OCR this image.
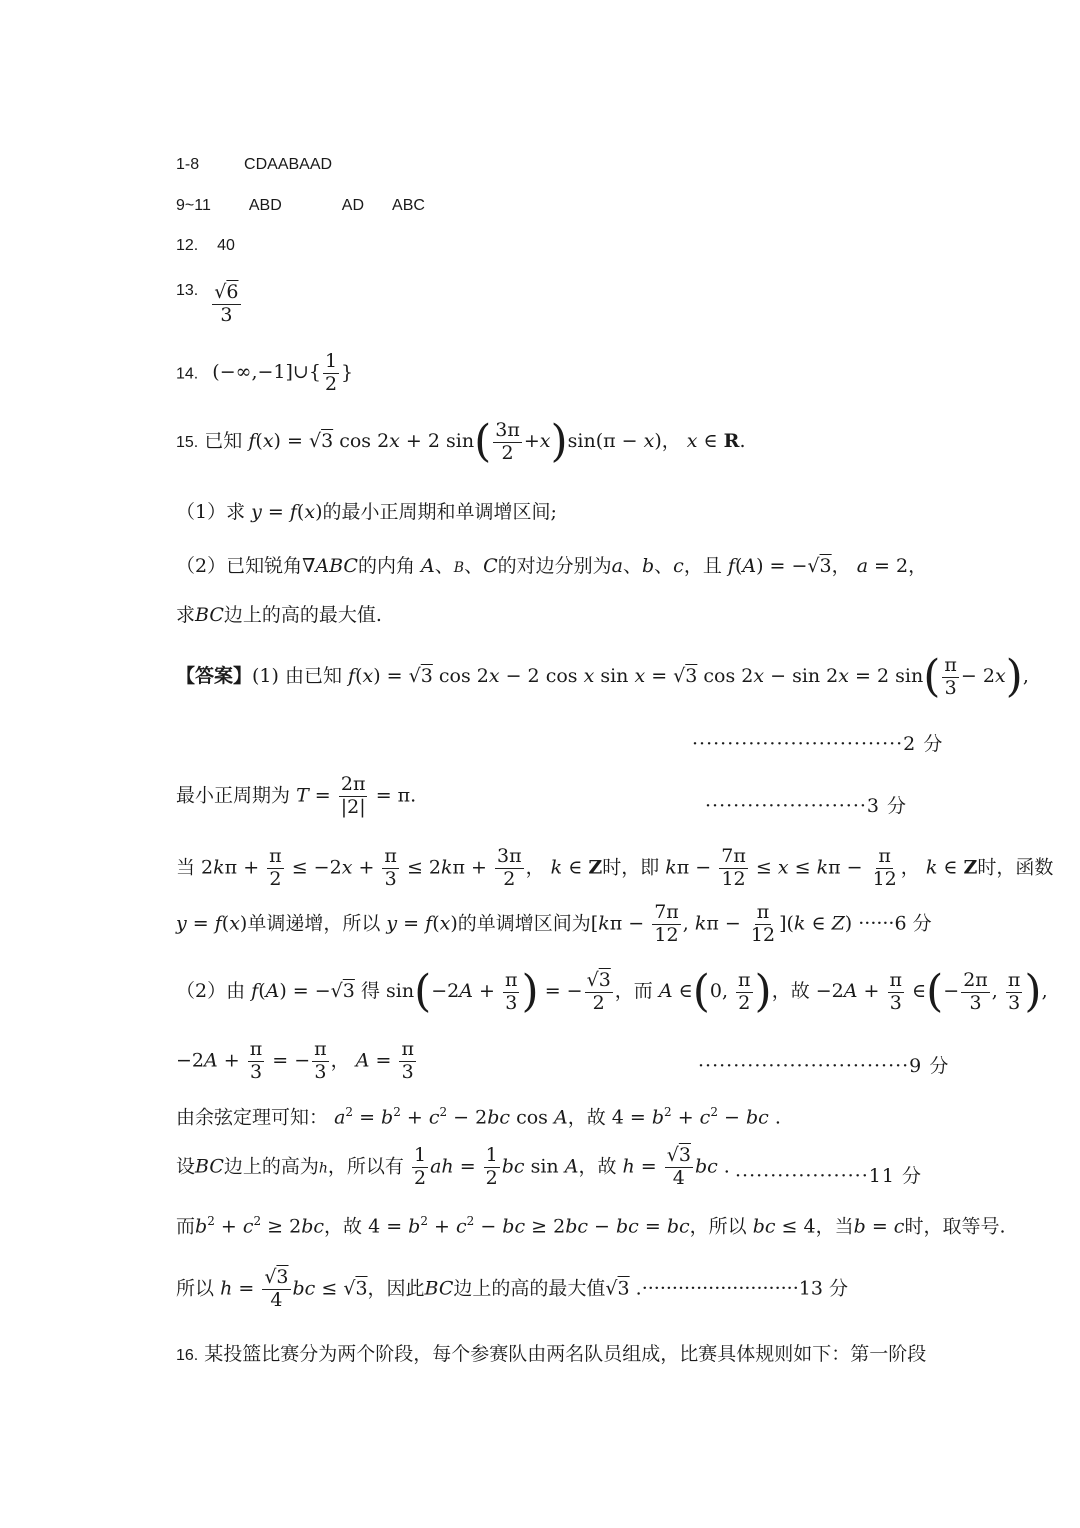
1-8	CDAABAAD
9~11 ABD	AD ABC
12. 40
$^{13.} \frac{√6}{3}$
14. (−∞,−1]∪{ $\frac{1}{2}$ }
15. 已知 f(x) = √3 cos 2x + 2 $\sin( \frac{3\pi}{2} +x)\sin(\pi - x)$， x ∈ R.
（1）求 y = f(x)的最小正周期和单调增区间;
（2）已知锐角∇ABC的内角 A、B、C的对边分别为a、b、c，且 f(A) = −√3， a = 2，
求BC边上的高的最大值.
【答案】(1) 由已知 f(x) = √3 cos 2x − 2 cos x sin x = √3 cos 2x − sin 2x = 2 $\sin( \frac{\pi}{3} - 2x)$,
······························2 分
最小正周期为 $T = \frac{2\pi}{|2|} = \pi$.	·······················3 分
当 $2k\pi + \frac{\pi}{2} \le -2x + \frac{\pi}{3} \le 2k\pi + \frac{3\pi}{2}$ ， k ∈ Z时，即 $k\pi - \frac{7\pi}{12} \le x \le k\pi - \frac{\pi}{12}$ ， k ∈ Z时，函数
y = f(x)单调递增，所以 y = f(x)的单调增区间为[$k\pi - \frac{7\pi}{12}$ , $k\pi - \frac{\pi}{12} ](k$ ∈ Z) ······6 分
（2）由 f(A) = −√3 得 $\sin(-2A + \frac{\pi}{3}$ ) = − $\frac{√3}{2}$ ，而 A ∈(0, $\frac{\pi}{2}$ )，故 $-2A + \frac{\pi}{3}$ ∈(− $\frac{2\pi}{3}$ , $\frac{\pi}{3}$ ),
$-2A + \frac{\pi}{3}$ = − $\frac{\pi}{3}$ ， $A = \frac{\pi}{3}$	······························9 分
由余弦定理可知： $a^2 = b^2 + c^2 - 2bc$ cos A，故 $4 = b^2 + c^2$ − bc .
设BC边上的高为h，所以有 $\frac{1}{2}$ ah = $\frac{1}{2}$ bc sin A，故 $h = \frac{√3}{4}$ bc . ···················11 分
而$b^2 + c^2 \ge 2bc$，故 $4 = b^2 + c^2$ − bc ≥ 2bc − bc = bc，所以 bc ≤ 4，当b = c时，取等号.
所以 $h = \frac{√3}{4}$ bc ≤ √3，因此BC边上的高的最大值√3 .··························13 分
16. 某投篮比赛分为两个阶段，每个参赛队由两名队员组成，比赛具体规则如下：第一阶段
